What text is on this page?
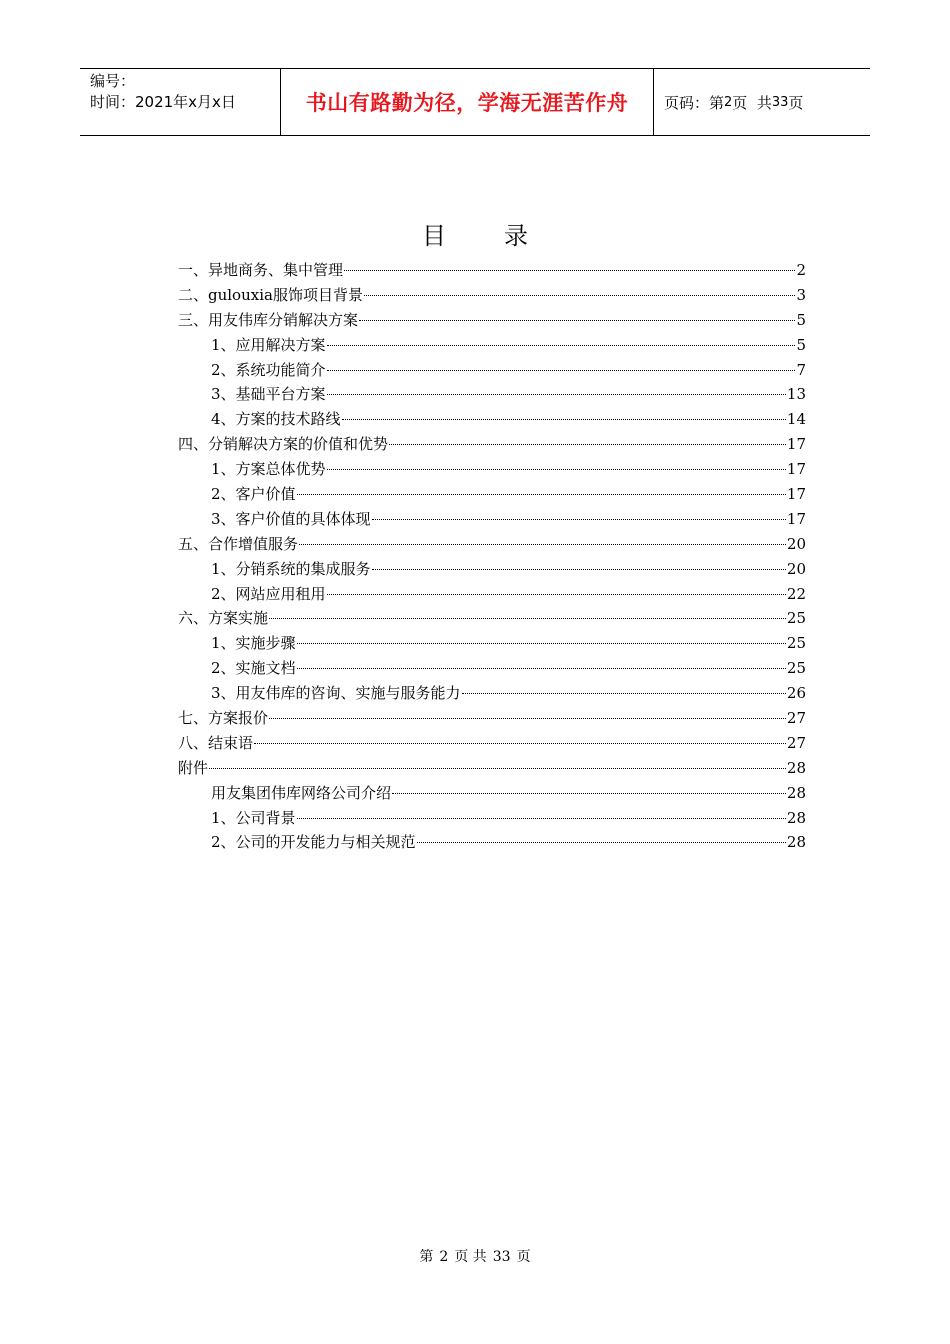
编号：
时间：2021年x月x日	书山有路勤为径，学海无涯苦作舟 页码：第 2 页  共 33 页
目 录
一、异地商务、集中管理	2
二、gulouxia服饰项目背景	3
三、用友伟库分销解决方案	5
1、应用解决方案	5
2、系统功能简介	7
3、基础平台方案	13
4、方案的技术路线	14
四、分销解决方案的价值和优势	17
1、方案总体优势	17
2、客户价值	17
3、客户价值的具体体现	17
五、合作增值服务	20
1、分销系统的集成服务	20
2、网站应用租用	22
六、方案实施	25
1、实施步骤	25
2、实施文档	25
3、用友伟库的咨询、实施与服务能力	26
七、方案报价	27
八、结束语	27
附件	28
用友集团伟库网络公司介绍	28
1、公司背景	28
2、公司的开发能力与相关规范	28
第 2 页 共 33 页
